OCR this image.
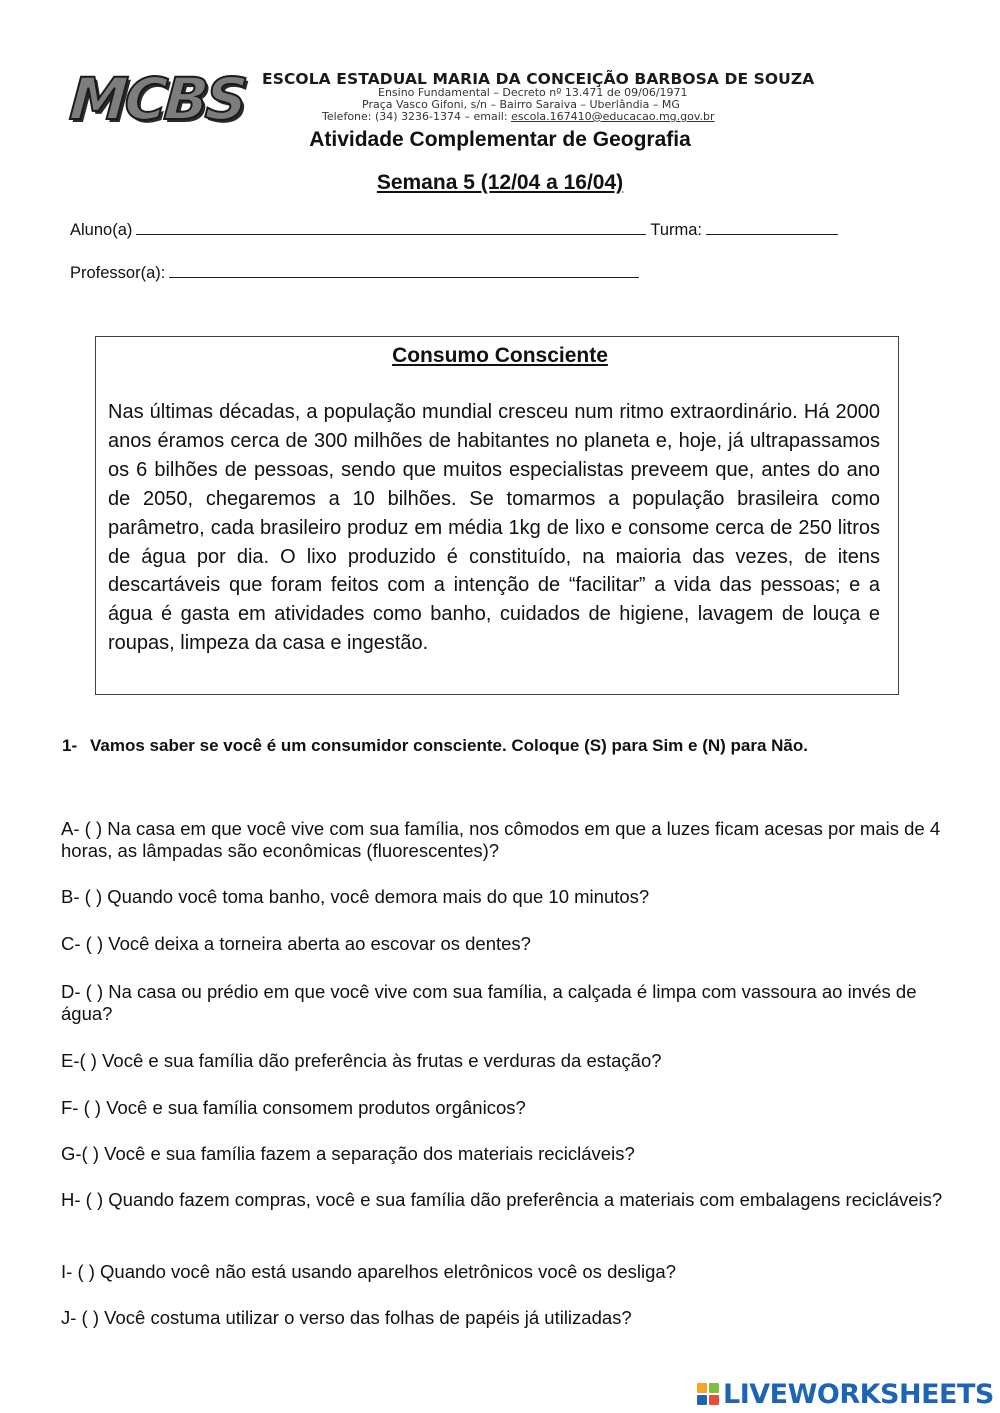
MCBS ESCOLA ESTADUAL MARIA DA CONCEIÇÃO BARBOSA DE SOUZA
Ensino Fundamental – Decreto nº 13.471 de 09/06/1971
Praça Vasco Gifoni, s/n – Bairro Saraiva – Uberlândia – MG
Telefone: (34) 3236-1374 – email: escola.167410@educacao.mg.gov.br
Atividade Complementar de Geografia
Semana 5 (12/04 a 16/04)
Aluno(a)	Turma:
Professor(a):
Consumo Consciente

Nas últimas décadas, a população mundial cresceu num ritmo extraordinário. Há 2000 anos éramos cerca de 300 milhões de habitantes no planeta e, hoje, já ultrapassamos os 6 bilhões de pessoas, sendo que muitos especialistas preveem que, antes do ano de 2050, chegaremos a 10 bilhões. Se tomarmos a população brasileira como parâmetro, cada brasileiro produz em média 1kg de lixo e consome cerca de 250 litros de água por dia. O lixo produzido é constituído, na maioria das vezes, de itens descartáveis que foram feitos com a intenção de “facilitar” a vida das pessoas; e a água é gasta em atividades como banho, cuidados de higiene, lavagem de louça e roupas, limpeza da casa e ingestão.

1- Vamos saber se você é um consumidor consciente. Coloque (S) para Sim e (N) para Não.

A- ( ) Na casa em que você vive com sua família, nos cômodos em que a luzes ficam acesas por mais de 4 horas, as lâmpadas são econômicas (fluorescentes)?

B- ( ) Quando você toma banho, você demora mais do que 10 minutos?

C- ( ) Você deixa a torneira aberta ao escovar os dentes?

D- ( ) Na casa ou prédio em que você vive com sua família, a calçada é limpa com vassoura ao invés de água?

E-( ) Você e sua família dão preferência às frutas e verduras da estação?

F- ( ) Você e sua família consomem produtos orgânicos?

G-( ) Você e sua família fazem a separação dos materiais recicláveis?

H- ( ) Quando fazem compras, você e sua família dão preferência a materiais com embalagens recicláveis?

I- ( ) Quando você não está usando aparelhos eletrônicos você os desliga?

J- ( ) Você costuma utilizar o verso das folhas de papéis já utilizadas?

LIVEWORKSHEETS
